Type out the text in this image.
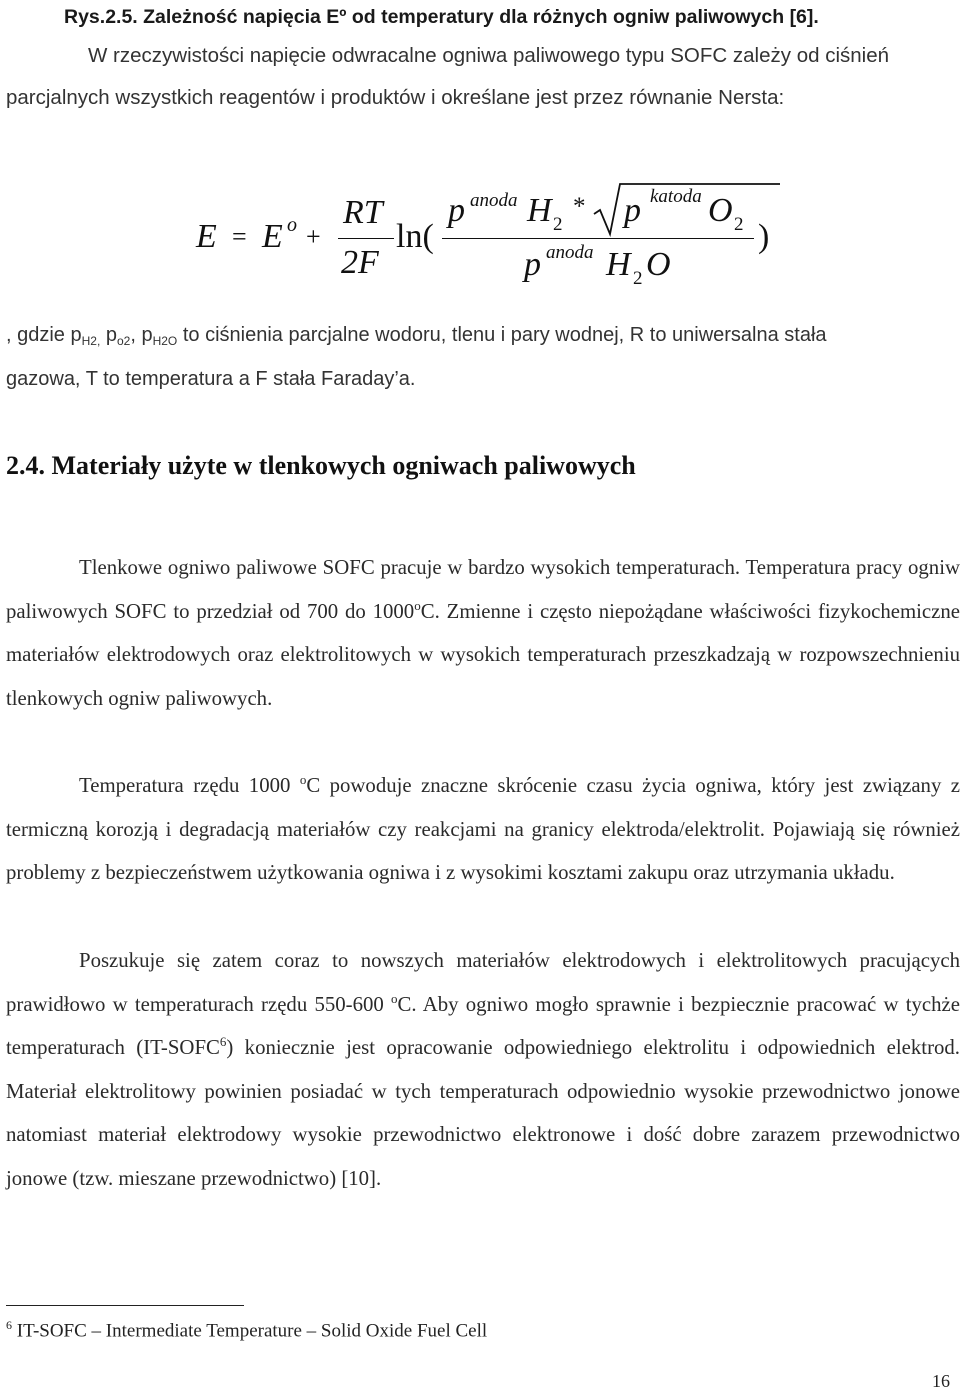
Rys.2.5. Zależność napięcia Eº od temperatury dla różnych ogniw paliwowych [6].
W rzeczywistości napięcie odwracalne ogniwa paliwowego typu SOFC zależy od ciśnień
parcjalnych wszystkich reagentów i produktów i określane jest przez równanie Nersta:
E = E o +
RT
2F
ln(
p anoda H 2
* p katoda O 2
p anoda H 2 O
)
, gdzie $p_{H2,}$ $p_{o2}$, $p_{H2O}$ to ciśnienia parcjalne wodoru, tlenu i pary wodnej, R to uniwersalna stała
gazowa, T to temperatura a F stała Faraday’a.
2.4. Materiały użyte w tlenkowych ogniwach paliwowych
Tlenkowe ogniwo paliwowe SOFC pracuje w bardzo wysokich temperaturach. Temperatura pracy ogniw paliwowych SOFC to przedział od 700 do 1000$^o$C. Zmienne i często niepożądane właściwości fizykochemiczne materiałów elektrodowych oraz elektrolitowych w wysokich temperaturach przeszkadzają w rozpowszechnieniu tlenkowych ogniw paliwowych.
Temperatura rzędu 1000 $^o$C powoduje znaczne skrócenie czasu życia ogniwa, który jest związany z termiczną korozją i degradacją materiałów czy reakcjami na granicy elektroda/elektrolit. Pojawiają się również problemy z bezpieczeństwem użytkowania ogniwa i z wysokimi kosztami zakupu oraz utrzymania układu.
Poszukuje się zatem coraz to nowszych materiałów elektrodowych i elektrolitowych pracujących prawidłowo w temperaturach rzędu 550-600 $^o$C. Aby ogniwo mogło sprawnie i bezpiecznie pracować w tychże temperaturach (IT-SOFC$^6$) koniecznie jest opracowanie odpowiedniego elektrolitu i odpowiednich elektrod. Materiał elektrolitowy powinien posiadać w tych temperaturach odpowiednio wysokie przewodnictwo jonowe natomiast materiał elektrodowy wysokie przewodnictwo elektronowe i dość dobre zarazem przewodnictwo jonowe (tzw. mieszane przewodnictwo) [10].
$^6$ IT-SOFC – Intermediate Temperature – Solid Oxide Fuel Cell
16
